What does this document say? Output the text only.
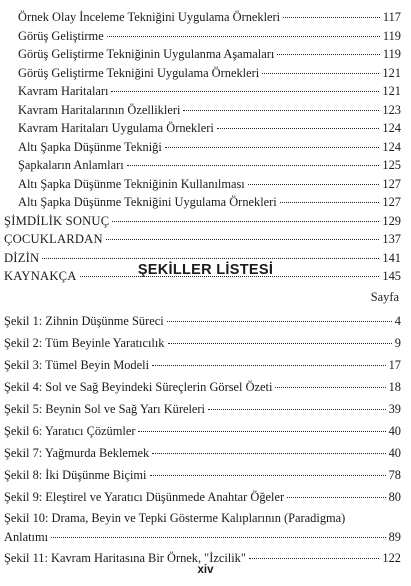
Örnek Olay İnceleme Tekniğini Uygulama Örnekleri	117
Görüş Geliştirme	119
Görüş Geliştirme Tekniğinin Uygulanma Aşamaları	119
Görüş Geliştirme Tekniğini Uygulama Örnekleri	121
Kavram Haritaları	121
Kavram Haritalarının Özellikleri	123
Kavram Haritaları Uygulama Örnekleri	124
Altı Şapka Düşünme Tekniği	124
Şapkaların Anlamları	125
Altı Şapka Düşünme Tekniğinin Kullanılması	127
Altı Şapka Düşünme Tekniğini Uygulama Örnekleri	127
ŞİMDİLİK SONUÇ	129
ÇOCUKLARDAN	137
DİZİN	141
KAYNAKÇA	145
ŞEKİLLER LİSTESİ
Sayfa
Şekil 1: Zihnin Düşünme Süreci	4
Şekil 2: Tüm Beyinle Yaratıcılık	9
Şekil 3: Tümel Beyin Modeli	17
Şekil 4: Sol ve Sağ Beyindeki Süreçlerin Görsel Özeti	18
Şekil 5: Beynin Sol ve Sağ Yarı Küreleri	39
Şekil 6: Yaratıcı Çözümler	40
Şekil 7: Yağmurda Beklemek	40
Şekil 8: İki Düşünme Biçimi	78
Şekil 9: Eleştirel ve Yaratıcı Düşünmede Anahtar Öğeler	80
Şekil 10: Drama, Beyin ve Tepki Gösterme Kalıplarının (Paradigma)
Anlatımı	89
Şekil 11: Kavram Haritasına Bir Örnek, "İzcilik"	122
xiv
